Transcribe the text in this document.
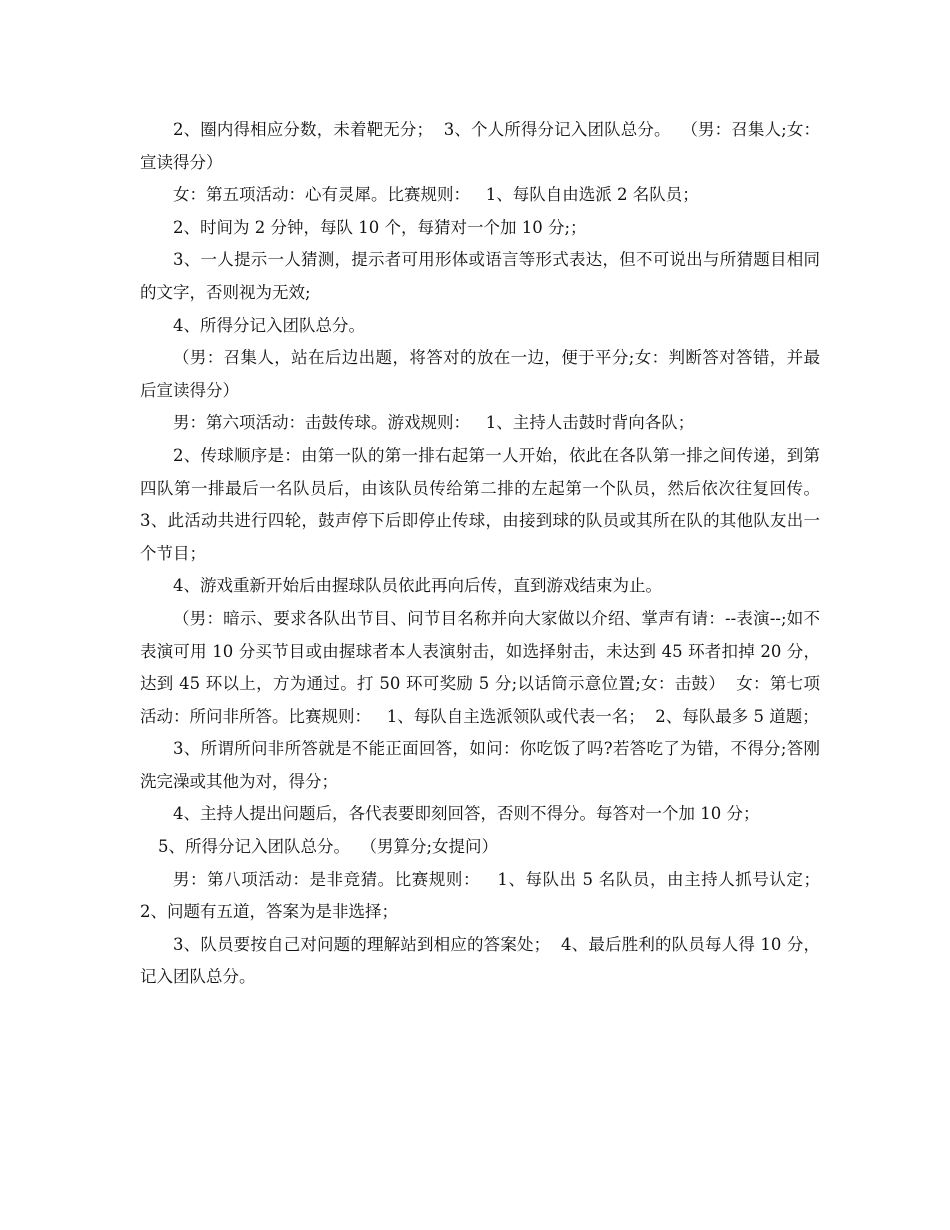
2、圈内得相应分数，未着靶无分；  3、个人所得分记入团队总分。  （男：召集人;女：宣读得分）

女：第五项活动：心有灵犀。比赛规则：   1、每队自由选派 2 名队员；

2、时间为 2 分钟，每队 10 个，每猜对一个加 10 分;；

3、一人提示一人猜测，提示者可用形体或语言等形式表达，但不可说出与所猜题目相同的文字，否则视为无效;

4、所得分记入团队总分。

（男：召集人，站在后边出题，将答对的放在一边，便于平分;女：判断答对答错，并最后宣读得分）

男：第六项活动：击鼓传球。游戏规则：   1、主持人击鼓时背向各队；

2、传球顺序是：由第一队的第一排右起第一人开始，依此在各队第一排之间传递，到第四队第一排最后一名队员后，由该队员传给第二排的左起第一个队员，然后依次往复回传。   3、此活动共进行四轮，鼓声停下后即停止传球，由接到球的队员或其所在队的其他队友出一个节目；

4、游戏重新开始后由握球队员依此再向后传，直到游戏结束为止。

（男：暗示、要求各队出节目、问节目名称并向大家做以介绍、掌声有请：--表演--;如不表演可用 10 分买节目或由握球者本人表演射击，如选择射击，未达到 45 环者扣掉 20 分，达到 45 环以上，方为通过。打 50 环可奖励 5 分;以话筒示意位置;女：击鼓）  女：第七项活动：所问非所答。比赛规则：   1、每队自主选派领队或代表一名；  2、每队最多 5 道题；

3、所谓所问非所答就是不能正面回答，如问：你吃饭了吗?若答吃了为错，不得分;答刚洗完澡或其他为对，得分；

4、主持人提出问题后，各代表要即刻回答，否则不得分。每答对一个加 10 分；

5、所得分记入团队总分。  （男算分;女提问）

男：第八项活动：是非竞猜。比赛规则：   1、每队出 5 名队员，由主持人抓号认定；  2、问题有五道，答案为是非选择；

3、队员要按自己对问题的理解站到相应的答案处；  4、最后胜利的队员每人得 10 分，记入团队总分。
